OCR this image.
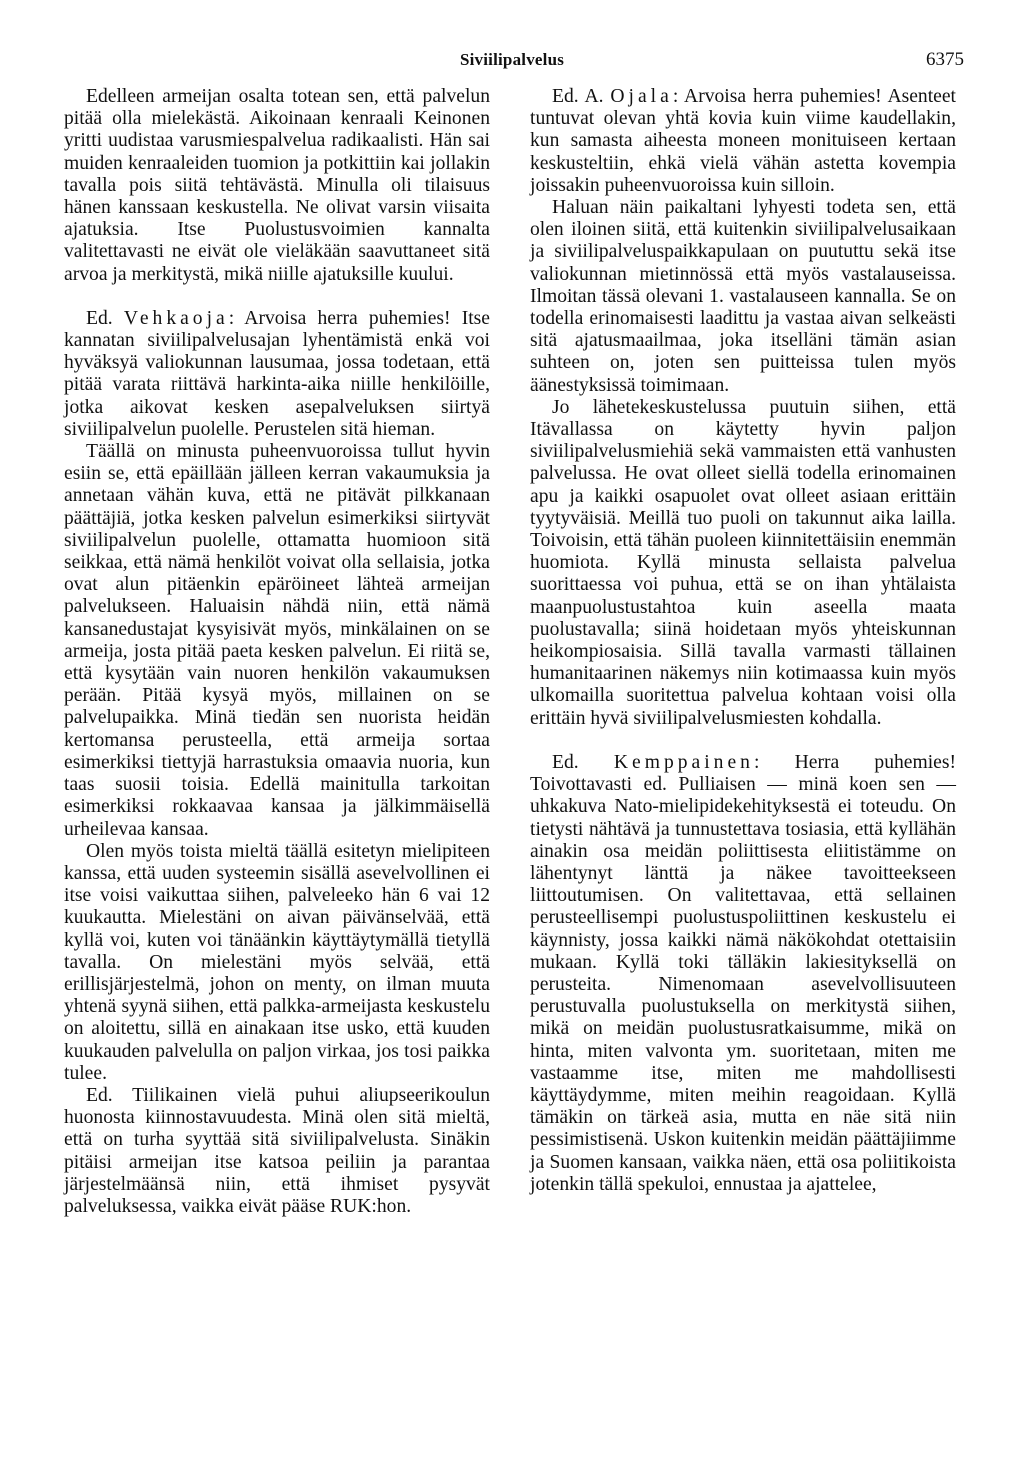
Siviilipalvelus	6375

Edelleen armeijan osalta totean sen, että palvelun pitää olla mielekästä. Aikoinaan kenraali Keinonen yritti uudistaa varusmiespalvelua radikaalisti. Hän sai muiden kenraaleiden tuomion ja potkittiin kai jollakin tavalla pois siitä tehtävästä. Minulla oli tilaisuus hänen kanssaan keskustella. Ne olivat varsin viisaita ajatuksia. Itse Puolustusvoimien kannalta valitettavasti ne eivät ole vieläkään saavuttaneet sitä arvoa ja merkitystä, mikä niille ajatuksille kuului.

Ed. Vehkaoja: Arvoisa herra puhemies! Itse kannatan siviilipalvelusajan lyhentämistä enkä voi hyväksyä valiokunnan lausumaa, jossa todetaan, että pitää varata riittävä harkinta-aika niille henkilöille, jotka aikovat kesken asepalveluksen siirtyä siviilipalvelun puolelle. Perustelen sitä hieman.

Täällä on minusta puheenvuoroissa tullut hyvin esiin se, että epäillään jälleen kerran vakaumuksia ja annetaan vähän kuva, että ne pitävät pilkkanaan päättäjiä, jotka kesken palvelun esimerkiksi siirtyvät siviilipalvelun puolelle, ottamatta huomioon sitä seikkaa, että nämä henkilöt voivat olla sellaisia, jotka ovat alun pitäenkin epäröineet lähteä armeijan palvelukseen. Haluaisin nähdä niin, että nämä kansanedustajat kysyisivät myös, minkälainen on se armeija, josta pitää paeta kesken palvelun. Ei riitä se, että kysytään vain nuoren henkilön vakaumuksen perään. Pitää kysyä myös, millainen on se palvelupaikka. Minä tiedän sen nuorista heidän kertomansa perusteella, että armeija sortaa esimerkiksi tiettyjä harrastuksia omaavia nuoria, kun taas suosii toisia. Edellä mainitulla tarkoitan esimerkiksi rokkaavaa kansaa ja jälkimmäisellä urheilevaa kansaa.

Olen myös toista mieltä täällä esitetyn mielipiteen kanssa, että uuden systeemin sisällä asevelvollinen ei itse voisi vaikuttaa siihen, palveleeko hän 6 vai 12 kuukautta. Mielestäni on aivan päivänselvää, että kyllä voi, kuten voi tänäänkin käyttäytymällä tietyllä tavalla. On mielestäni myös selvää, että erillisjärjestelmä, johon on menty, on ilman muuta yhtenä syynä siihen, että palkka-armeijasta keskustelu on aloitettu, sillä en ainakaan itse usko, että kuuden kuukauden palvelulla on paljon virkaa, jos tosi paikka tulee.

Ed. Tiilikainen vielä puhui aliupseerikoulun huonosta kiinnostavuudesta. Minä olen sitä mieltä, että on turha syyttää sitä siviilipalvelusta. Sinäkin pitäisi armeijan itse katsoa peiliin ja parantaa järjestelmäänsä niin, että ihmiset pysyvät palveluksessa, vaikka eivät pääse RUK:hon.

Ed. A. Ojala: Arvoisa herra puhemies! Asenteet tuntuvat olevan yhtä kovia kuin viime kaudellakin, kun samasta aiheesta moneen monituiseen kertaan keskusteltiin, ehkä vielä vähän astetta kovempia joissakin puheenvuoroissa kuin silloin.

Haluan näin paikaltani lyhyesti todeta sen, että olen iloinen siitä, että kuitenkin siviilipalvelusaikaan ja siviilipalveluspaikkapulaan on puututtu sekä itse valiokunnan mietinnössä että myös vastalauseissa. Ilmoitan tässä olevani 1. vastalauseen kannalla. Se on todella erinomaisesti laadittu ja vastaa aivan selkeästi sitä ajatusmaailmaa, joka itselläni tämän asian suhteen on, joten sen puitteissa tulen myös äänestyksissä toimimaan.

Jo lähetekeskustelussa puutuin siihen, että Itävallassa on käytetty hyvin paljon siviilipalvelusmiehiä sekä vammaisten että vanhusten palvelussa. He ovat olleet siellä todella erinomainen apu ja kaikki osapuolet ovat olleet asiaan erittäin tyytyväisiä. Meillä tuo puoli on takunnut aika lailla. Toivoisin, että tähän puoleen kiinnitettäisiin enemmän huomiota. Kyllä minusta sellaista palvelua suorittaessa voi puhua, että se on ihan yhtälaista maanpuolustustahtoa kuin aseella maata puolustavalla; siinä hoidetaan myös yhteiskunnan heikompiosaisia. Sillä tavalla varmasti tällainen humanitaarinen näkemys niin kotimaassa kuin myös ulkomailla suoritettua palvelua kohtaan voisi olla erittäin hyvä siviilipalvelusmiesten kohdalla.

Ed. Kemppainen: Herra puhemies! Toivottavasti ed. Pulliaisen — minä koen sen — uhkakuva Nato-mielipidekehityksestä ei toteudu. On tietysti nähtävä ja tunnustettava tosiasia, että kyllähän ainakin osa meidän poliittisesta eliitistämme on lähentynyt länttä ja näkee tavoitteekseen liittoutumisen. On valitettavaa, että sellainen perusteellisempi puolustuspoliittinen keskustelu ei käynnisty, jossa kaikki nämä näkökohdat otettaisiin mukaan. Kyllä toki tälläkin lakiesityksellä on perusteita. Nimenomaan asevelvollisuuteen perustuvalla puolustuksella on merkitystä siihen, mikä on meidän puolustusratkaisumme, mikä on hinta, miten valvonta ym. suoritetaan, miten me vastaamme itse, miten me mahdollisesti käyttäydymme, miten meihin reagoidaan. Kyllä tämäkin on tärkeä asia, mutta en näe sitä niin pessimistisenä. Uskon kuitenkin meidän päättäjiimme ja Suomen kansaan, vaikka näen, että osa poliitikoista jotenkin tällä spekuloi, ennustaa ja ajattelee,
